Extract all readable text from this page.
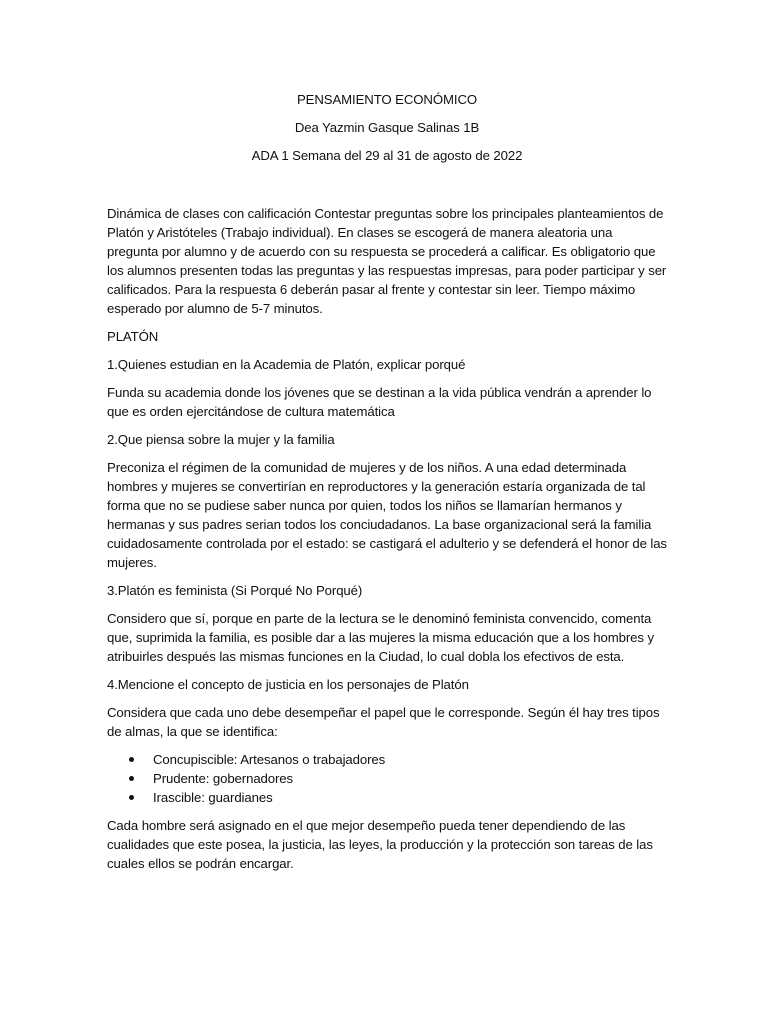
PENSAMIENTO ECONÓMICO
Dea Yazmin Gasque Salinas 1B
ADA 1 Semana del 29 al 31 de agosto de 2022

Dinámica de clases con calificación Contestar preguntas sobre los principales planteamientos de Platón y Aristóteles (Trabajo individual). En clases se escogerá de manera aleatoria una pregunta por alumno y de acuerdo con su respuesta se procederá a calificar. Es obligatorio que los alumnos presenten todas las preguntas y las respuestas impresas, para poder participar y ser calificados. Para la respuesta 6 deberán pasar al frente y contestar sin leer. Tiempo máximo esperado por alumno de 5-7 minutos.

PLATÓN

1.Quienes estudian en la Academia de Platón, explicar porqué

Funda su academia donde los jóvenes que se destinan a la vida pública vendrán a aprender lo que es orden ejercitándose de cultura matemática

2.Que piensa sobre la mujer y la familia

Preconiza el régimen de la comunidad de mujeres y de los niños. A una edad determinada hombres y mujeres se convertirían en reproductores y la generación estaría organizada de tal forma que no se pudiese saber nunca por quien, todos los niños se llamarían hermanos y hermanas y sus padres serian todos los conciudadanos. La base organizacional será la familia cuidadosamente controlada por el estado: se castigará el adulterio y se defenderá el honor de las mujeres.

3.Platón es feminista (Si Porqué No Porqué)

Considero que sí, porque en parte de la lectura se le denominó feminista convencido, comenta que, suprimida la familia, es posible dar a las mujeres la misma educación que a los hombres y atribuirles después las mismas funciones en la Ciudad, lo cual dobla los efectivos de esta.

4.Mencione el concepto de justicia en los personajes de Platón

Considera que cada uno debe desempeñar el papel que le corresponde. Según él hay tres tipos de almas, la que se identifica:

Concupiscible: Artesanos o trabajadores
Prudente: gobernadores
Irascible: guardianes

Cada hombre será asignado en el que mejor desempeño pueda tener dependiendo de las cualidades que este posea, la justicia, las leyes, la producción y la protección son tareas de las cuales ellos se podrán encargar.
